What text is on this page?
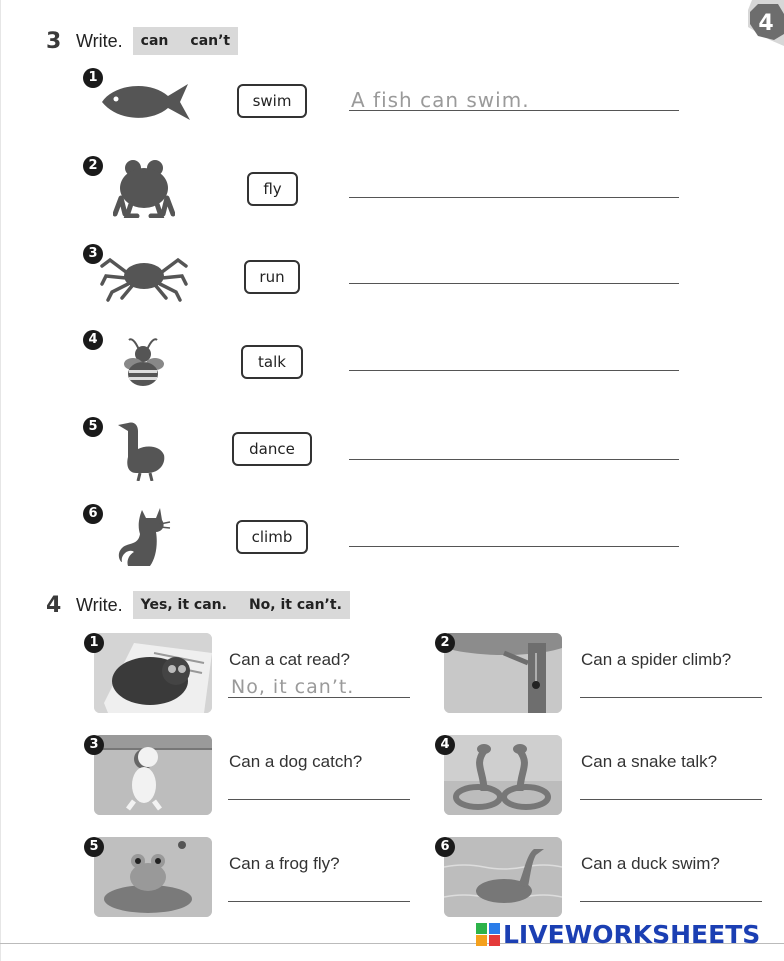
4
3 Write. can can’t
1
swim	A fish can swim.
2
fly
3
run
4
talk
5
dance
6
climb
4 Write. Yes, it can. No, it can’t.
1
Can a cat read?
No, it can’t.
2
Can a spider climb?
3
Can a dog catch?
4
Can a snake talk?
5
Can a frog fly?
6
Can a duck swim?
LIVEWORKSHEETS
